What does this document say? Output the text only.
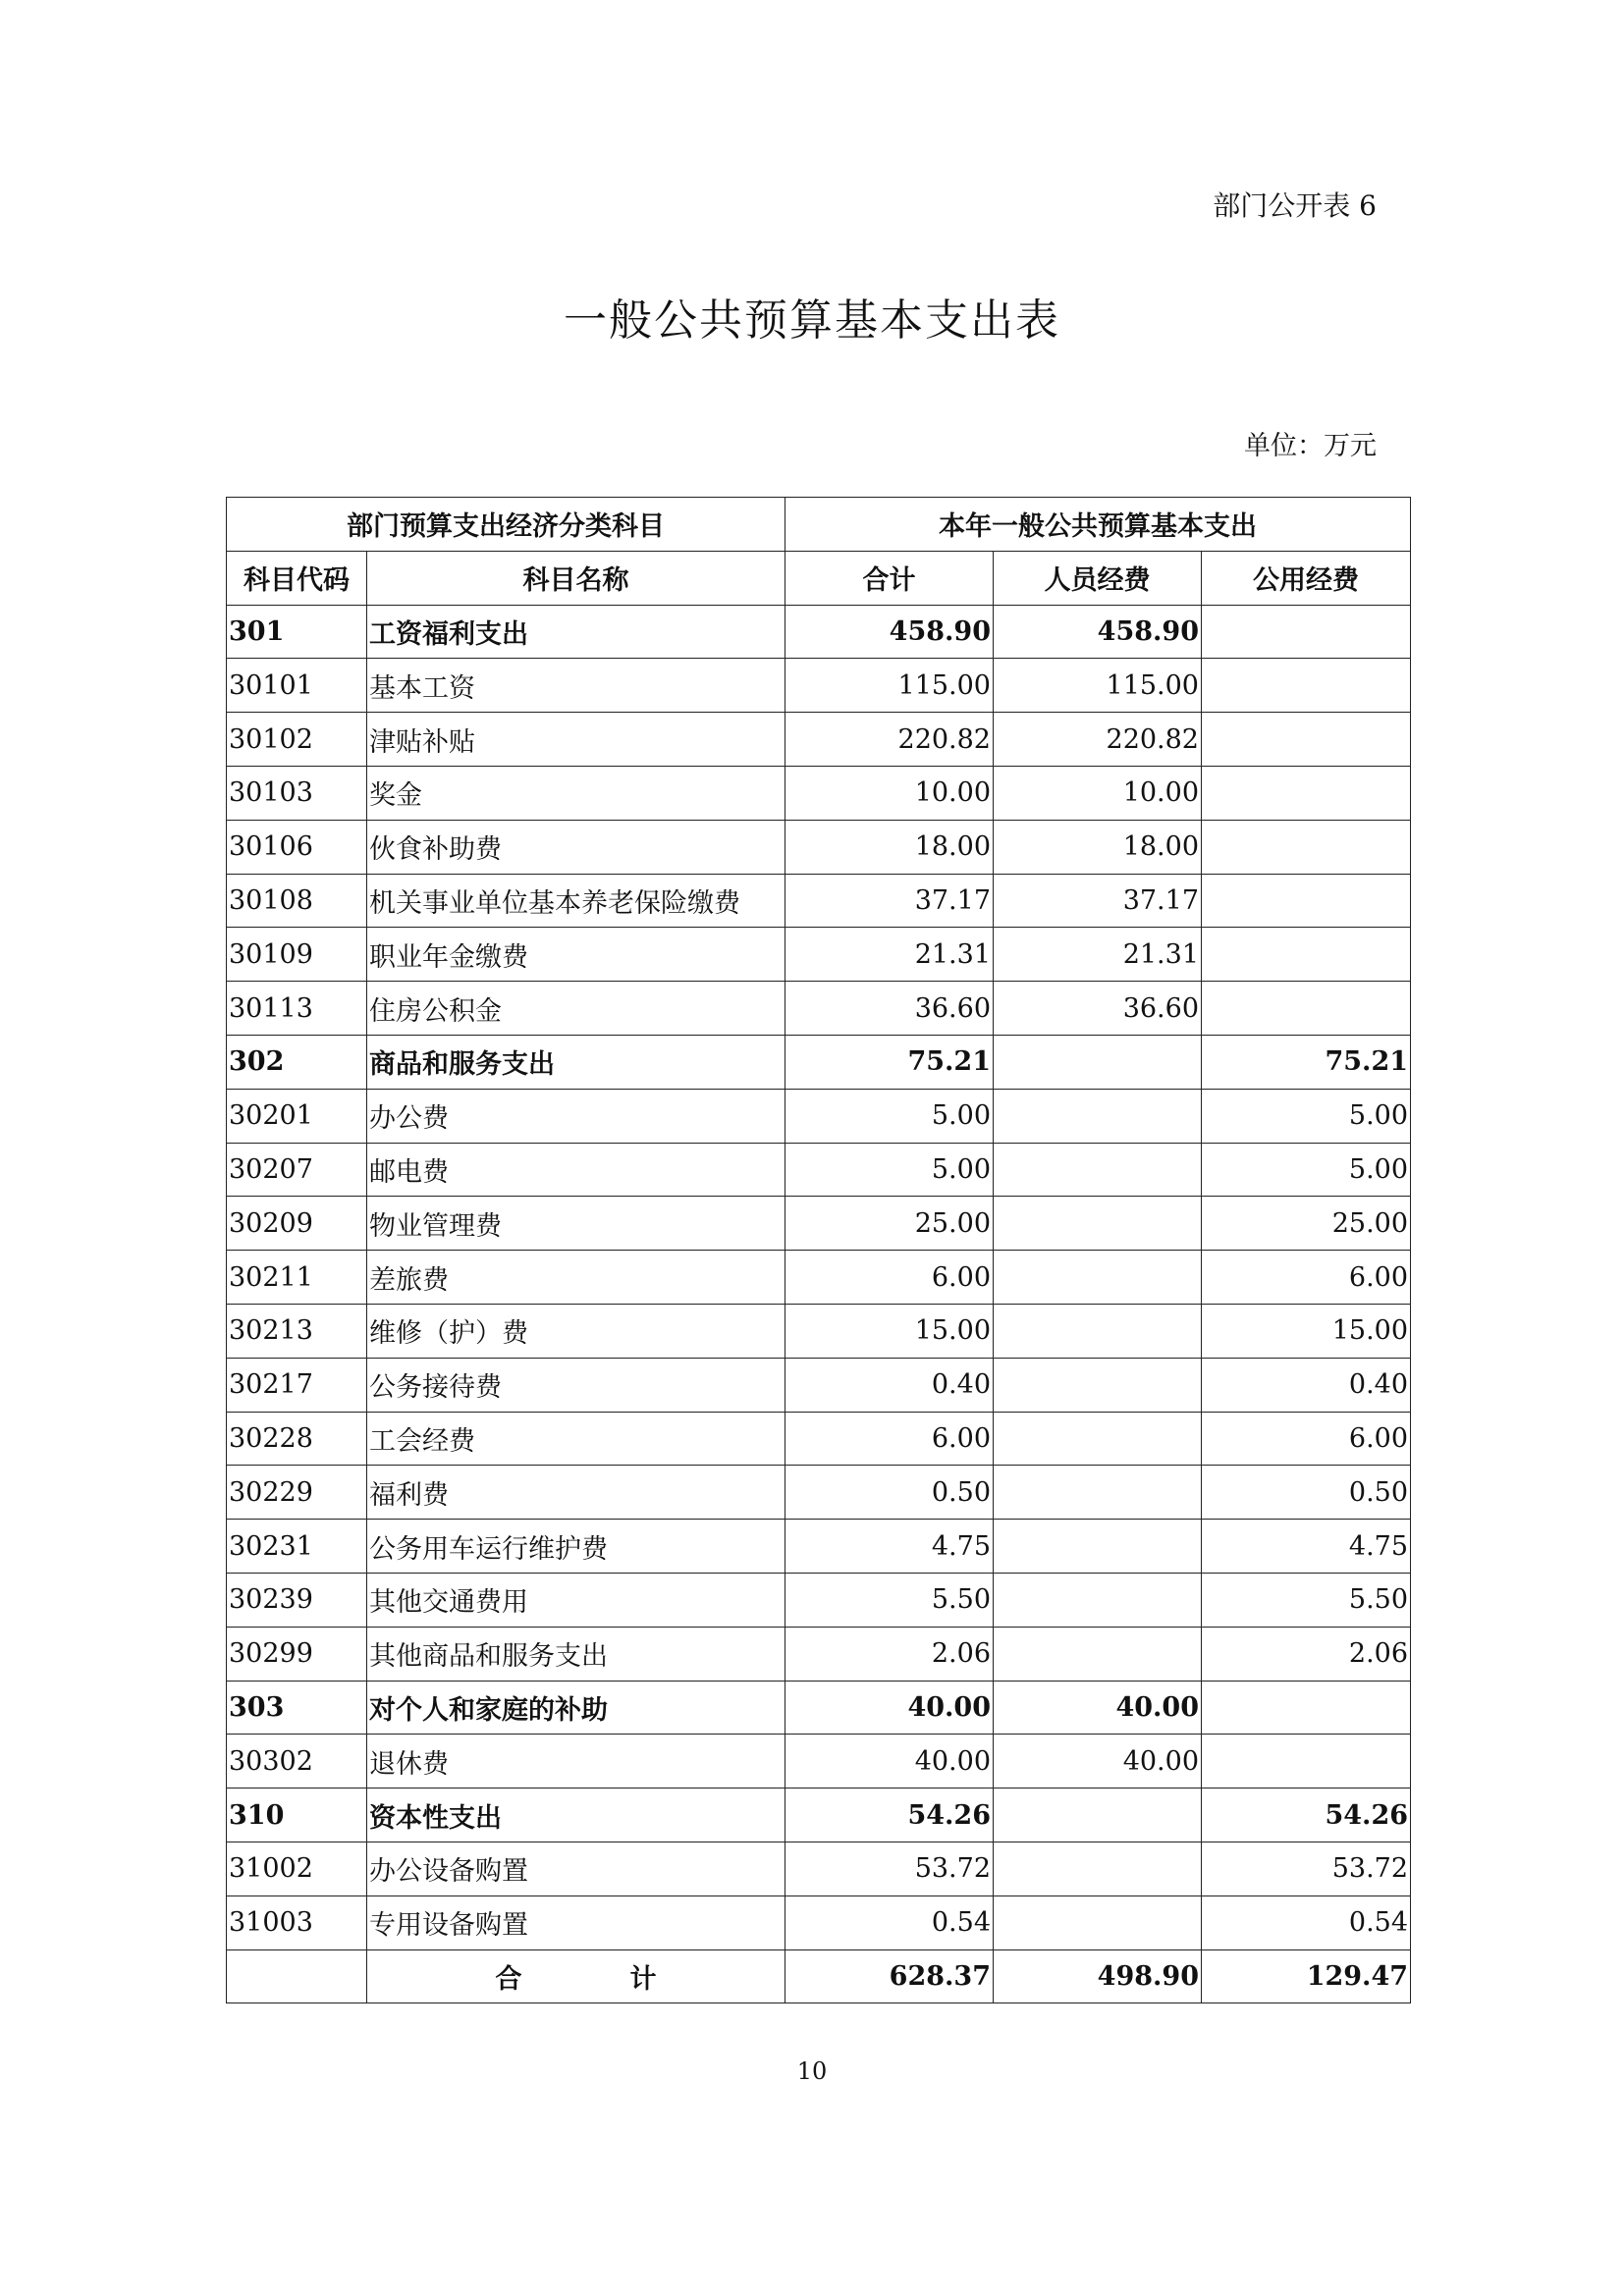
部门公开表 6
一般公共预算基本支出表
单位：万元
部门预算支出经济分类科目		本年一般公共预算基本支出		
科目代码	科目名称	合计	人员经费	公用经费
301	工资福利支出	458.90	458.90	
30101	基本工资	115.00	115.00	
30102	津贴补贴	220.82	220.82	
30103	奖金	10.00	10.00	
30106	伙食补助费	18.00	18.00	
30108	机关事业单位基本养老保险缴费	37.17	37.17	
30109	职业年金缴费	21.31	21.31	
30113	住房公积金	36.60	36.60	
302	商品和服务支出	75.21		75.21
30201	办公费	5.00		5.00
30207	邮电费	5.00		5.00
30209	物业管理费	25.00		25.00
30211	差旅费	6.00		6.00
30213	维修（护）费	15.00		15.00
30217	公务接待费	0.40		0.40
30228	工会经费	6.00		6.00
30229	福利费	0.50		0.50
30231	公务用车运行维护费	4.75		4.75
30239	其他交通费用	5.50		5.50
30299	其他商品和服务支出	2.06		2.06
303	对个人和家庭的补助	40.00	40.00	
30302	退休费	40.00	40.00	
310	资本性支出	54.26		54.26
31002	办公设备购置	53.72		53.72
31003	专用设备购置	0.54		0.54
	合 计	628.37	498.90	129.47
10
